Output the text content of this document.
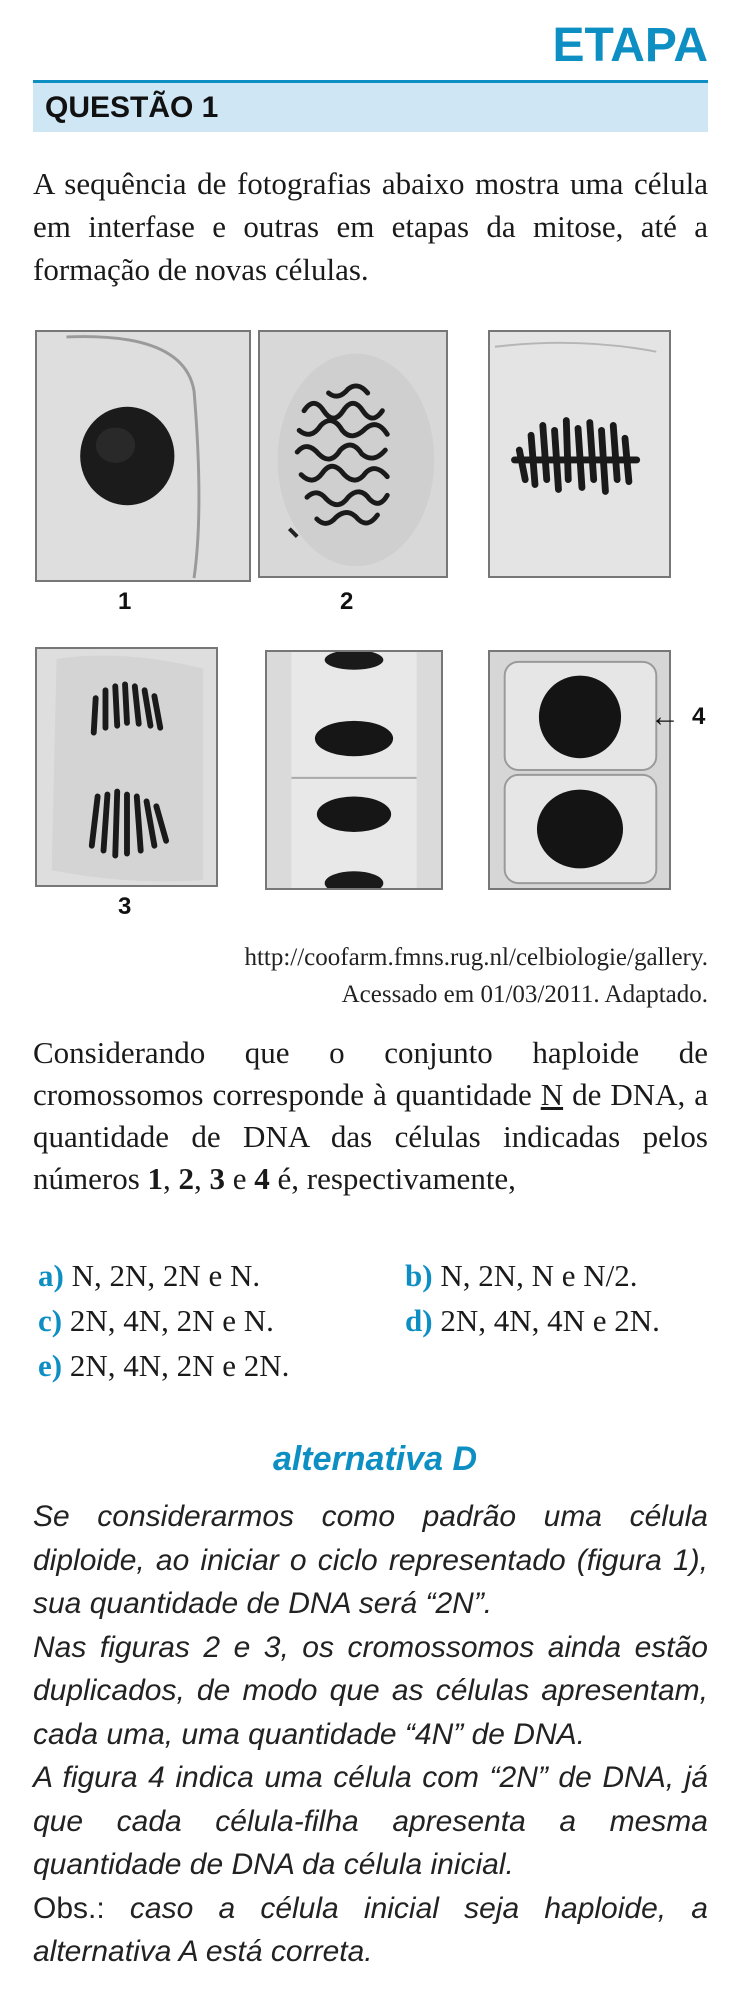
ETAPA
QUESTÃO 1
A sequência de fotografias abaixo mostra uma célula em interfase e outras em etapas da mitose, até a formação de novas células.
1	2
3
← 4
http://coofarm.fmns.rug.nl/celbiologie/gallery.
Acessado em 01/03/2011. Adaptado.
Considerando que o conjunto haploide de cromossomos corresponde à quantidade N de DNA, a quantidade de DNA das células indicadas pelos números 1, 2, 3 e 4 é, respectivamente,
a) N, 2N, 2N e N.	b) N, 2N, N e N/2.
c) 2N, 4N, 2N e N.	d) 2N, 4N, 4N e 2N.
e) 2N, 4N, 2N e 2N.
alternativa D

Se considerarmos como padrão uma célula diploide, ao iniciar o ciclo representado (figura 1), sua quantidade de DNA será “2N”.

Nas figuras 2 e 3, os cromossomos ainda estão duplicados, de modo que as células apresentam, cada uma, uma quantidade “4N” de DNA.

A figura 4 indica uma célula com “2N” de DNA, já que cada célula-filha apresenta a mesma quantidade de DNA da célula inicial.

Obs.: caso a célula inicial seja haploide, a alternativa A está correta.
